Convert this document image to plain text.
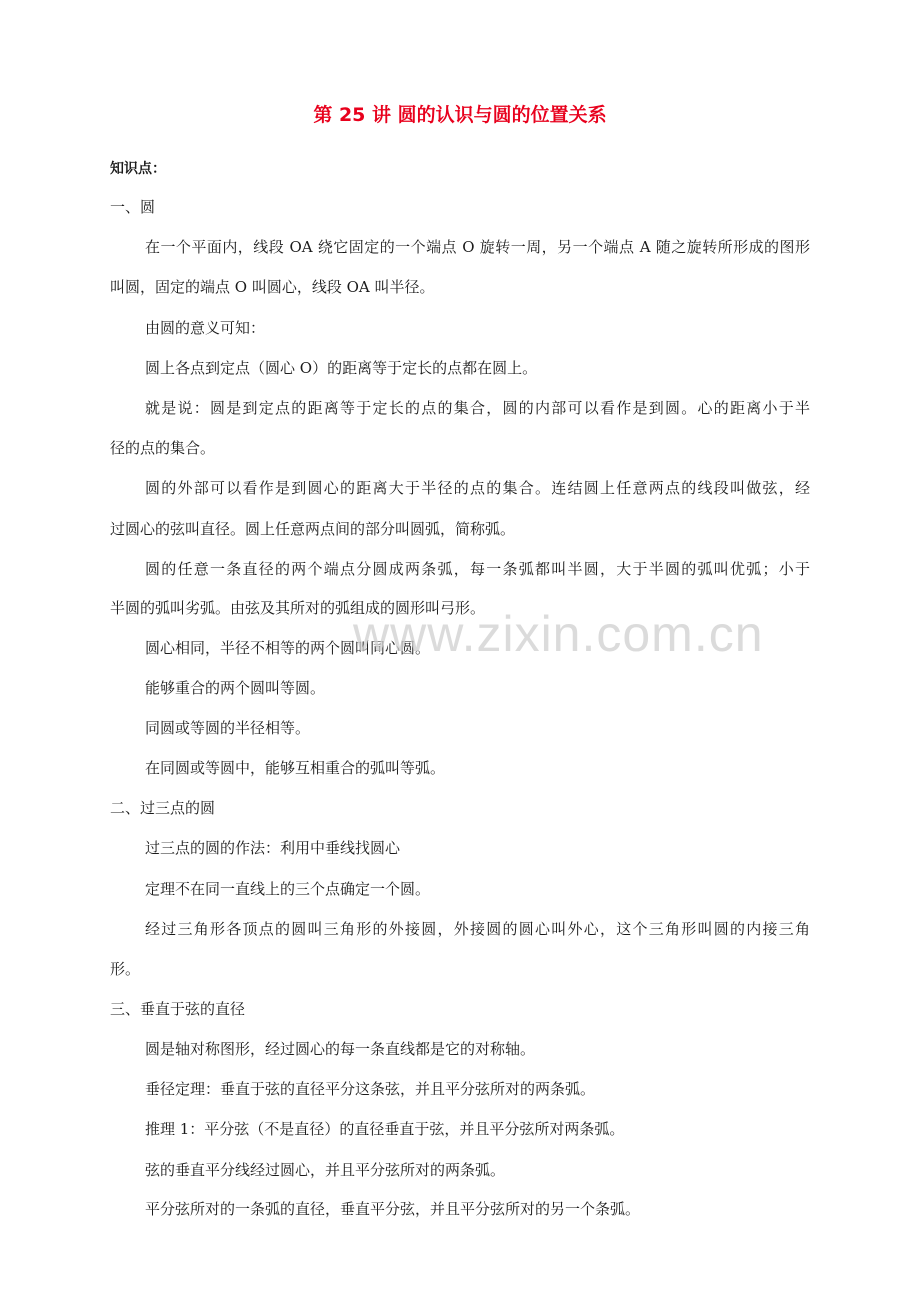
第 25 讲 圆的认识与圆的位置关系
知识点：
一、圆
在一个平面内，线段 OA 绕它固定的一个端点 O 旋转一周，另一个端点 A 随之旋转所形成的图形
叫圆，固定的端点 O 叫圆心，线段 OA 叫半径。
由圆的意义可知：
圆上各点到定点（圆心 O）的距离等于定长的点都在圆上。
就是说：圆是到定点的距离等于定长的点的集合，圆的内部可以看作是到圆。心的距离小于半
径的点的集合。
圆的外部可以看作是到圆心的距离大于半径的点的集合。连结圆上任意两点的线段叫做弦，经
过圆心的弦叫直径。圆上任意两点间的部分叫圆弧，简称弧。
圆的任意一条直径的两个端点分圆成两条弧，每一条弧都叫半圆，大于半圆的弧叫优弧；小于
半圆的弧叫劣弧。由弦及其所对的弧组成的圆形叫弓形。
圆心相同，半径不相等的两个圆叫同心圆。
能够重合的两个圆叫等圆。
同圆或等圆的半径相等。
在同圆或等圆中，能够互相重合的弧叫等弧。
二、过三点的圆
过三点的圆的作法：利用中垂线找圆心
定理不在同一直线上的三个点确定一个圆。
经过三角形各顶点的圆叫三角形的外接圆，外接圆的圆心叫外心，这个三角形叫圆的内接三角
形。
三、垂直于弦的直径
圆是轴对称图形，经过圆心的每一条直线都是它的对称轴。
垂径定理：垂直于弦的直径平分这条弦，并且平分弦所对的两条弧。
推理 1：平分弦（不是直径）的直径垂直于弦，并且平分弦所对两条弧。
弦的垂直平分线经过圆心，并且平分弦所对的两条弧。
平分弦所对的一条弧的直径，垂直平分弦，并且平分弦所对的另一个条弧。
www.zixin.com.cn
